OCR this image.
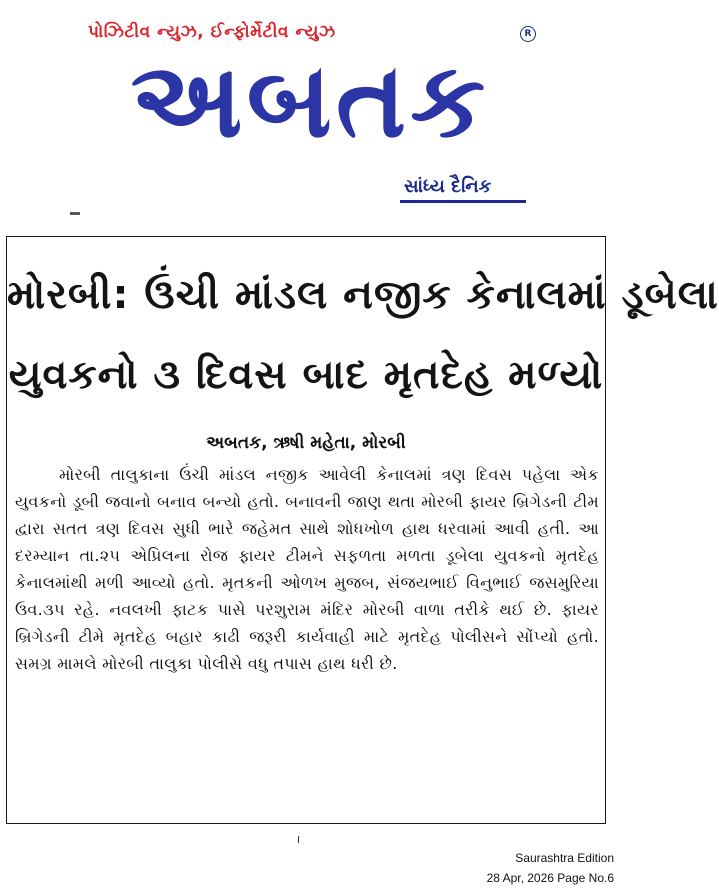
પોઝિટીવ ન્યુઝ, ઈન્ફોર્મેટીવ ન્યુઝ	R
અબતક
સાંધ્ય દૈનિક
મોરબી: ઉંચી માંડલ નજીક કેનાલમાં ડૂબેલા
યુવકનો ૩ દિવસ બાદ મૃતદેહ મળ્યો
અબતક, ઋષી મહેતા, મોરબી
મોરબી તાલુકાના ઉંચી માંડલ નજીક આવેલી કેનાલમાં ત્રણ દિવસ પહેલા એક યુવકનો ડૂબી જવાનો બનાવ બન્યો હતો. બનાવની જાણ થતા મોરબી ફાયર બ્રિગેડની ટીમ દ્વારા સતત ત્રણ દિવસ સુધી ભારે જહેમત સાથે શોધખોળ હાથ ધરવામાં આવી હતી. આ દરમ્યાન તા.૨૫ એપ્રિલના રોજ ફાયર ટીમને સફળતા મળતા ડૂબેલા યુવકનો મૃતદેહ કેનાલમાંથી મળી આવ્યો હતો. મૃતકની ઓળખ મુજબ, સંજયભાઈ વિનુભાઈ જસમુરિયા ઉવ.૩૫ રહે. નવલખી ફાટક પાસે પરશુરામ મંદિર મોરબી વાળા તરીકે થઈ છે. ફાયર બ્રિગેડની ટીમે મૃતદેહ બહાર કાઢી જરૂરી કાર્યવાહી માટે મૃતદેહ પોલીસને સોંપ્યો હતો. સમગ્ર મામલે મોરબી તાલુકા પોલીસે વધુ તપાસ હાથ ધરી છે.
Saurashtra Edition
28 Apr, 2026 Page No.6
